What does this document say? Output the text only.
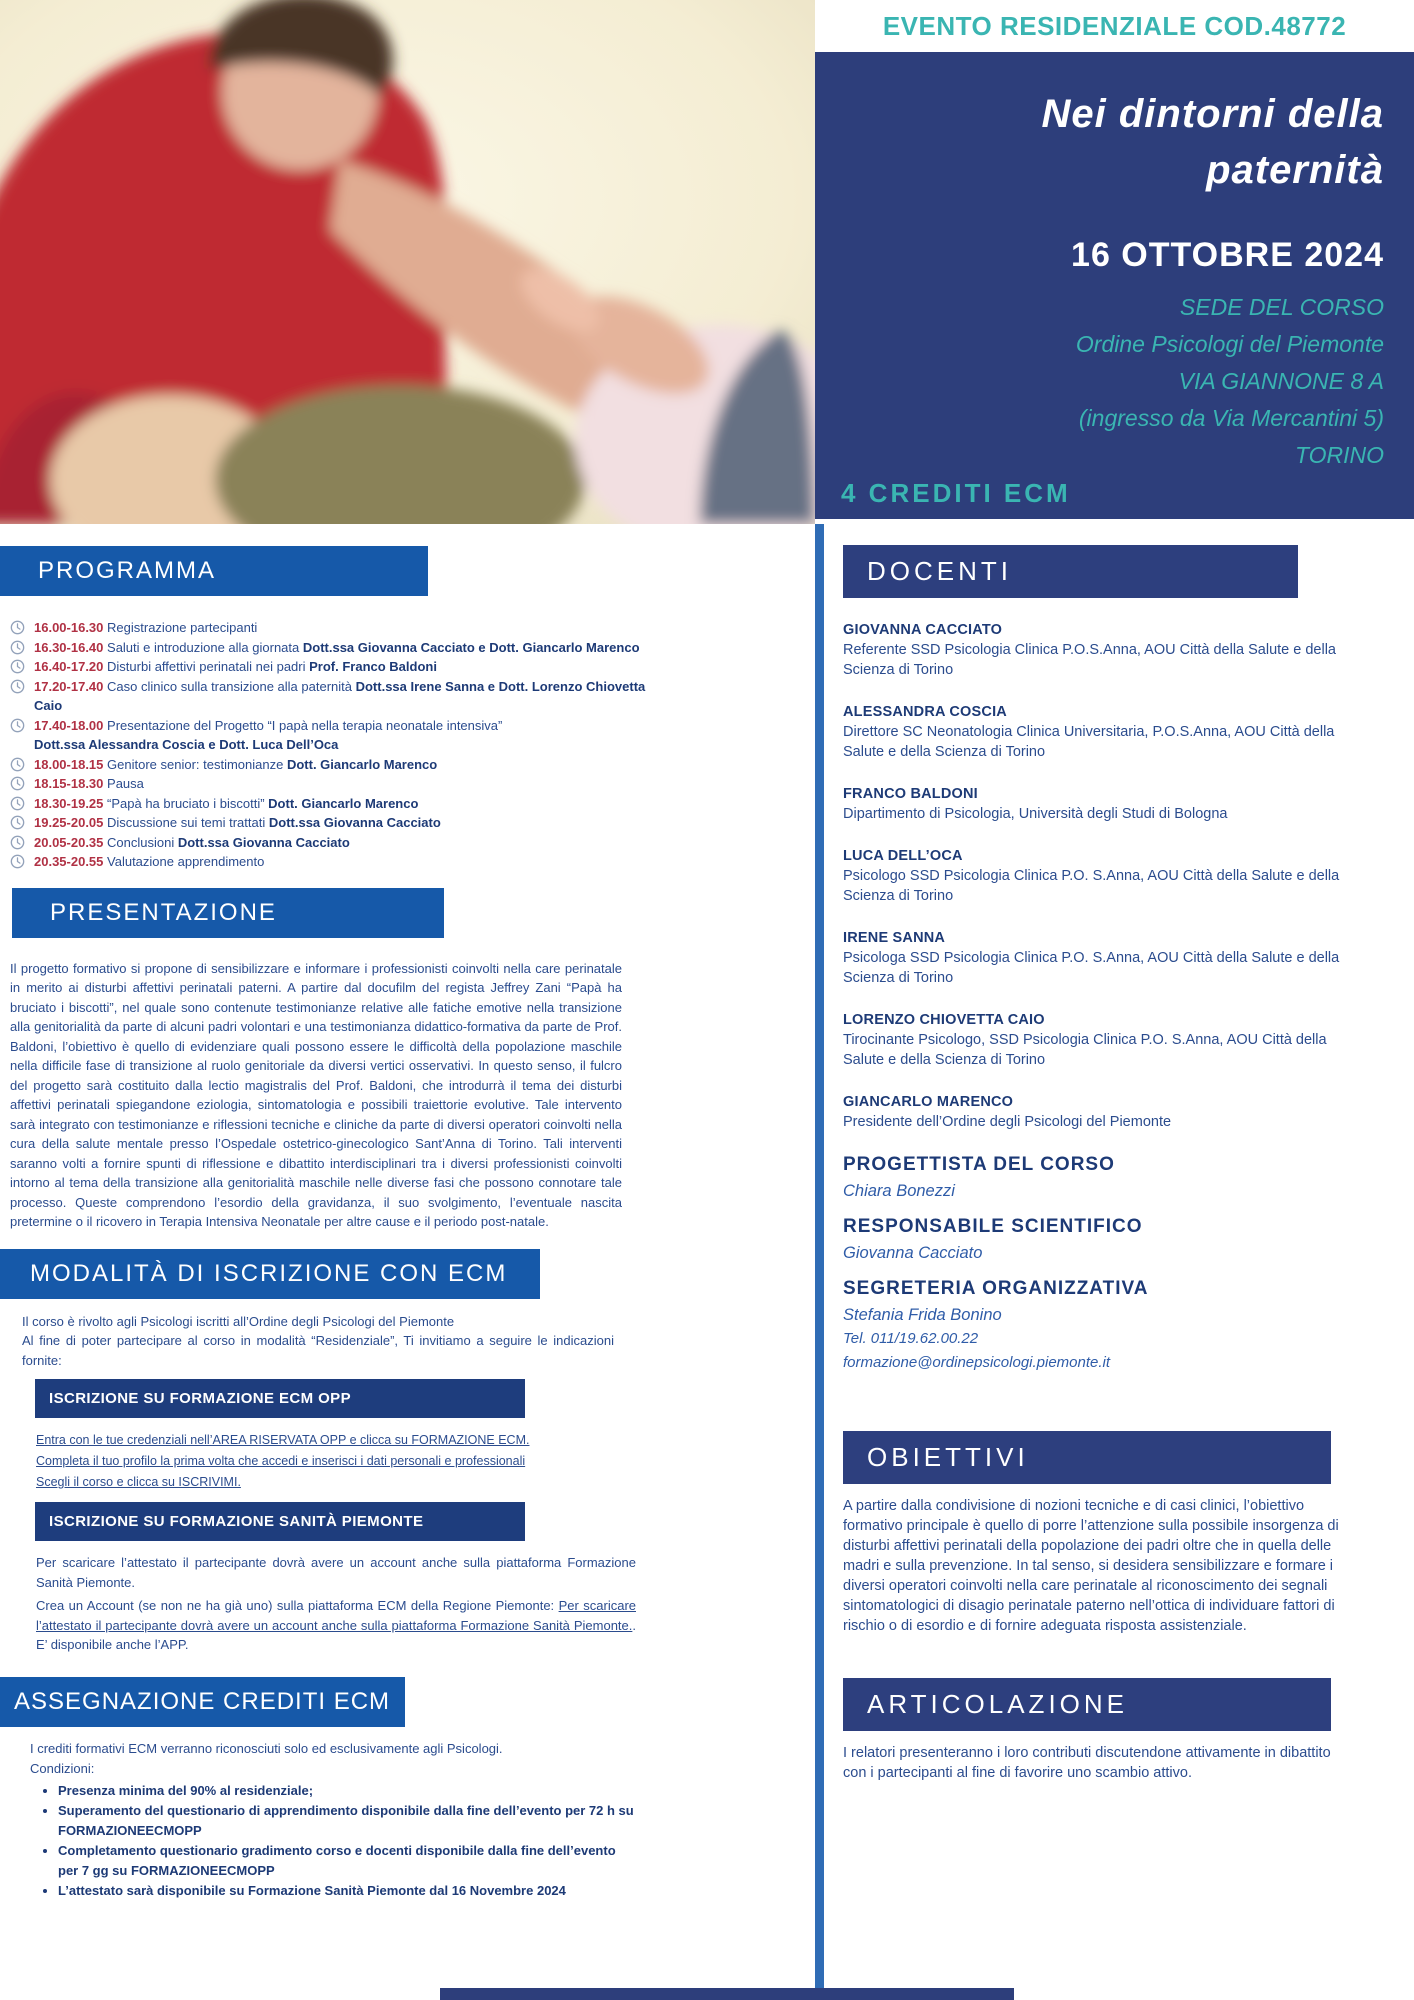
EVENTO RESIDENZIALE COD.48772
Nei dintorni della
paternità
16 OTTOBRE 2024
SEDE DEL CORSO
Ordine Psicologi del Piemonte
VIA GIANNONE 8 A
(ingresso da Via Mercantini 5)
TORINO
4 CREDITI ECM
PROGRAMMA
16.00-16.30 Registrazione partecipanti
16.30-16.40 Saluti e introduzione alla giornata Dott.ssa Giovanna Cacciato e Dott. Giancarlo Marenco
16.40-17.20 Disturbi affettivi perinatali nei padri Prof. Franco Baldoni
17.20-17.40 Caso clinico sulla transizione alla paternità Dott.ssa Irene Sanna e Dott. Lorenzo Chiovetta Caio
17.40-18.00 Presentazione del Progetto “I papà nella terapia neonatale intensiva”
Dott.ssa Alessandra Coscia e Dott. Luca Dell’Oca
18.00-18.15 Genitore senior: testimonianze Dott. Giancarlo Marenco
18.15-18.30 Pausa
18.30-19.25 “Papà ha bruciato i biscotti” Dott. Giancarlo Marenco
19.25-20.05 Discussione sui temi trattati Dott.ssa Giovanna Cacciato
20.05-20.35 Conclusioni Dott.ssa Giovanna Cacciato
20.35-20.55 Valutazione apprendimento
PRESENTAZIONE
Il progetto formativo si propone di sensibilizzare e informare i professionisti coinvolti nella care perinatale in merito ai disturbi affettivi perinatali paterni. A partire dal docufilm del regista Jeffrey Zani “Papà ha bruciato i biscotti”, nel quale sono contenute testimonianze relative alle fatiche emotive nella transizione alla genitorialità da parte di alcuni padri volontari e una testimonianza didattico-formativa da parte de Prof. Baldoni, l’obiettivo è quello di evidenziare quali possono essere le difficoltà della popolazione maschile nella difficile fase di transizione al ruolo genitoriale da diversi vertici osservativi. In questo senso, il fulcro del progetto sarà costituito dalla lectio magistralis del Prof. Baldoni, che introdurrà il tema dei disturbi affettivi perinatali spiegandone eziologia, sintomatologia e possibili traiettorie evolutive. Tale intervento sarà integrato con testimonianze e riflessioni tecniche e cliniche da parte di diversi operatori coinvolti nella cura della salute mentale presso l’Ospedale ostetrico-ginecologico Sant’Anna di Torino. Tali interventi saranno volti a fornire spunti di riflessione e dibattito interdisciplinari tra i diversi professionisti coinvolti intorno al tema della transizione alla genitorialità maschile nelle diverse fasi che possono connotare tale processo. Queste comprendono l’esordio della gravidanza, il suo svolgimento, l’eventuale nascita pretermine o il ricovero in Terapia Intensiva Neonatale per altre cause e il periodo post-natale.
MODALITÀ DI ISCRIZIONE CON ECM
Il corso è rivolto agli Psicologi iscritti all’Ordine degli Psicologi del Piemonte
Al fine di poter partecipare al corso in modalità “Residenziale”, Ti invitiamo a seguire le indicazioni fornite:
ISCRIZIONE SU FORMAZIONE ECM OPP
Entra con le tue credenziali nell’AREA RISERVATA OPP e clicca su FORMAZIONE ECM.
Completa il tuo profilo la prima volta che accedi e inserisci i dati personali e professionali
Scegli il corso e clicca su ISCRIVIMI.
ISCRIZIONE SU FORMAZIONE SANITÀ PIEMONTE
Per scaricare l’attestato il partecipante dovrà avere un account anche sulla piattaforma Formazione Sanità Piemonte.
Crea un Account (se non ne ha già uno) sulla piattaforma ECM della Regione Piemonte: Per scaricare l’attestato il partecipante dovrà avere un account anche sulla piattaforma Formazione Sanità Piemonte.. E’ disponibile anche l’APP.
ASSEGNAZIONE CREDITI ECM
I crediti formativi ECM verranno riconosciuti solo ed esclusivamente agli Psicologi.
Condizioni:
• Presenza minima del 90% al residenziale;
• Superamento del questionario di apprendimento disponibile dalla fine dell’evento per 72 h su FORMAZIONEECMOPP
• Completamento questionario gradimento corso e docenti disponibile dalla fine dell’evento per 7 gg su FORMAZIONEECMOPP
• L’attestato sarà disponibile su Formazione Sanità Piemonte dal 16 Novembre 2024
DOCENTI
GIOVANNA CACCIATO
Referente SSD Psicologia Clinica P.O.S.Anna, AOU Città della Salute e della Scienza di Torino
ALESSANDRA COSCIA
Direttore SC Neonatologia Clinica Universitaria, P.O.S.Anna, AOU Città della Salute e della Scienza di Torino
FRANCO BALDONI
Dipartimento di Psicologia, Università degli Studi di Bologna
LUCA DELL’OCA
Psicologo SSD Psicologia Clinica P.O. S.Anna, AOU Città della Salute e della Scienza di Torino
IRENE SANNA
Psicologa SSD Psicologia Clinica P.O. S.Anna, AOU Città della Salute e della Scienza di Torino
LORENZO CHIOVETTA CAIO
Tirocinante Psicologo, SSD Psicologia Clinica P.O. S.Anna, AOU Città della Salute e della Scienza di Torino
GIANCARLO MARENCO
Presidente dell’Ordine degli Psicologi del Piemonte
PROGETTISTA DEL CORSO
Chiara Bonezzi
RESPONSABILE SCIENTIFICO
Giovanna Cacciato
SEGRETERIA ORGANIZZATIVA
Stefania Frida Bonino
Tel. 011/19.62.00.22
formazione@ordinepsicologi.piemonte.it
OBIETTIVI
A partire dalla condivisione di nozioni tecniche e di casi clinici, l’obiettivo formativo principale è quello di porre l’attenzione sulla possibile insorgenza di disturbi affettivi perinatali della popolazione dei padri oltre che in quella delle madri e sulla prevenzione. In tal senso, si desidera sensibilizzare e formare i diversi operatori coinvolti nella care perinatale al riconoscimento dei segnali sintomatologici di disagio perinatale paterno nell’ottica di individuare fattori di rischio o di esordio e di fornire adeguata risposta assistenziale.
ARTICOLAZIONE
I relatori presenteranno i loro contributi discutendone attivamente in dibattito con i partecipanti al fine di favorire uno scambio attivo.
